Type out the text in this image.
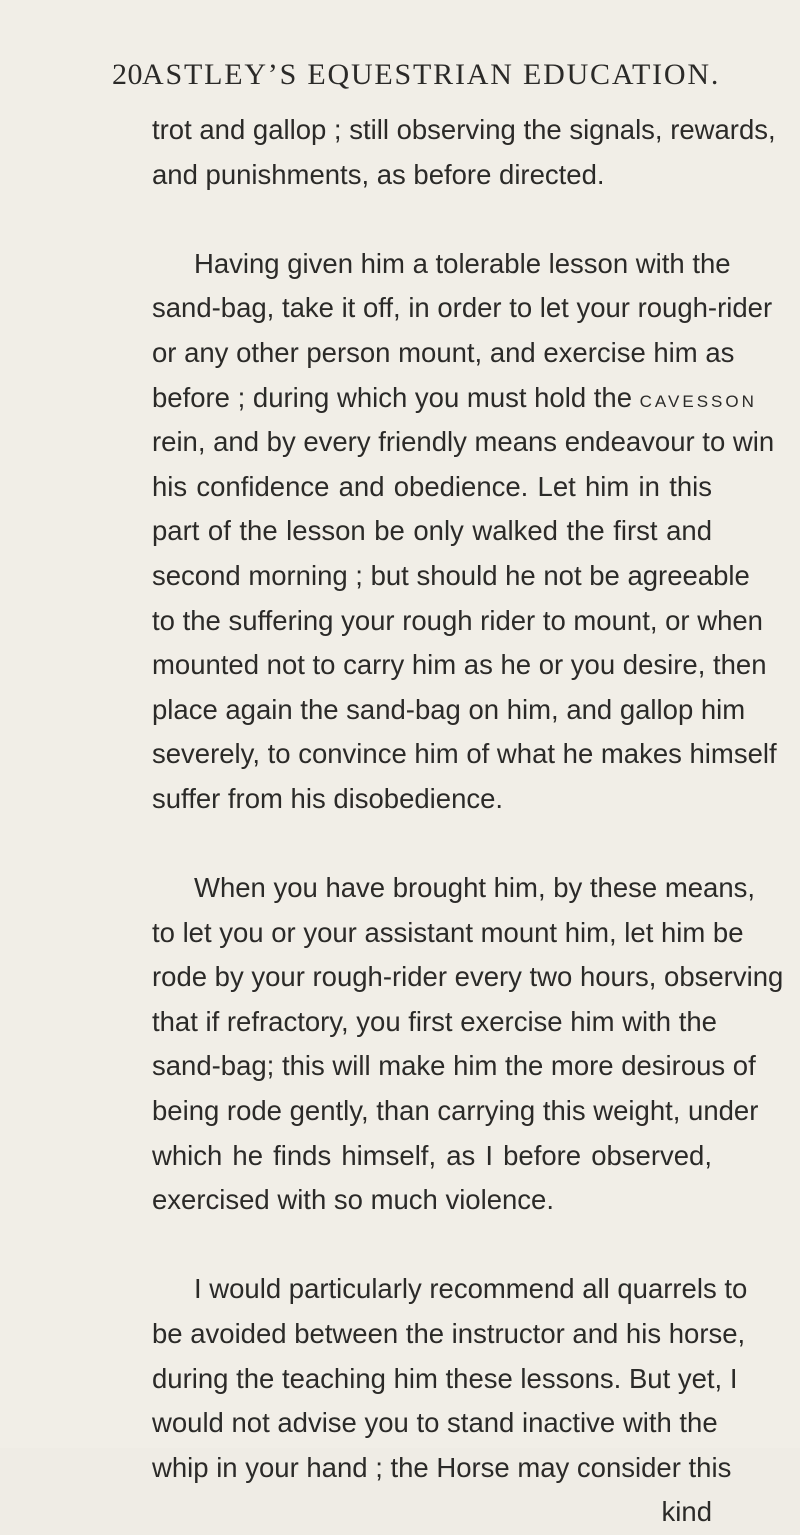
20 ASTLEY’S EQUESTRIAN EDUCATION.
trot and gallop ; still observing the signals, rewards,
and punishments, as before directed.
Having given him a tolerable lesson with the
sand-bag, take it off, in order to let your rough-rider
or any other person mount, and exercise him as
before ; during which you must hold the CAVESSON
rein, and by every friendly means endeavour to win
his confidence and obedience. Let him in this
part of the lesson be only walked the first and
second morning ; but should he not be agreeable
to the suffering your rough rider to mount, or when
mounted not to carry him as he or you desire, then
place again the sand-bag on him, and gallop him
severely, to convince him of what he makes himself
suffer from his disobedience.
When you have brought him, by these means,
to let you or your assistant mount him, let him be
rode by your rough-rider every two hours, observing
that if refractory, you first exercise him with the
sand-bag; this will make him the more desirous of
being rode gently, than carrying this weight, under
which he finds himself, as I before observed,
exercised with so much violence.
I would particularly recommend all quarrels to
be avoided between the instructor and his horse,
during the teaching him these lessons. But yet, I
would not advise you to stand inactive with the
whip in your hand ; the Horse may consider this
kind
